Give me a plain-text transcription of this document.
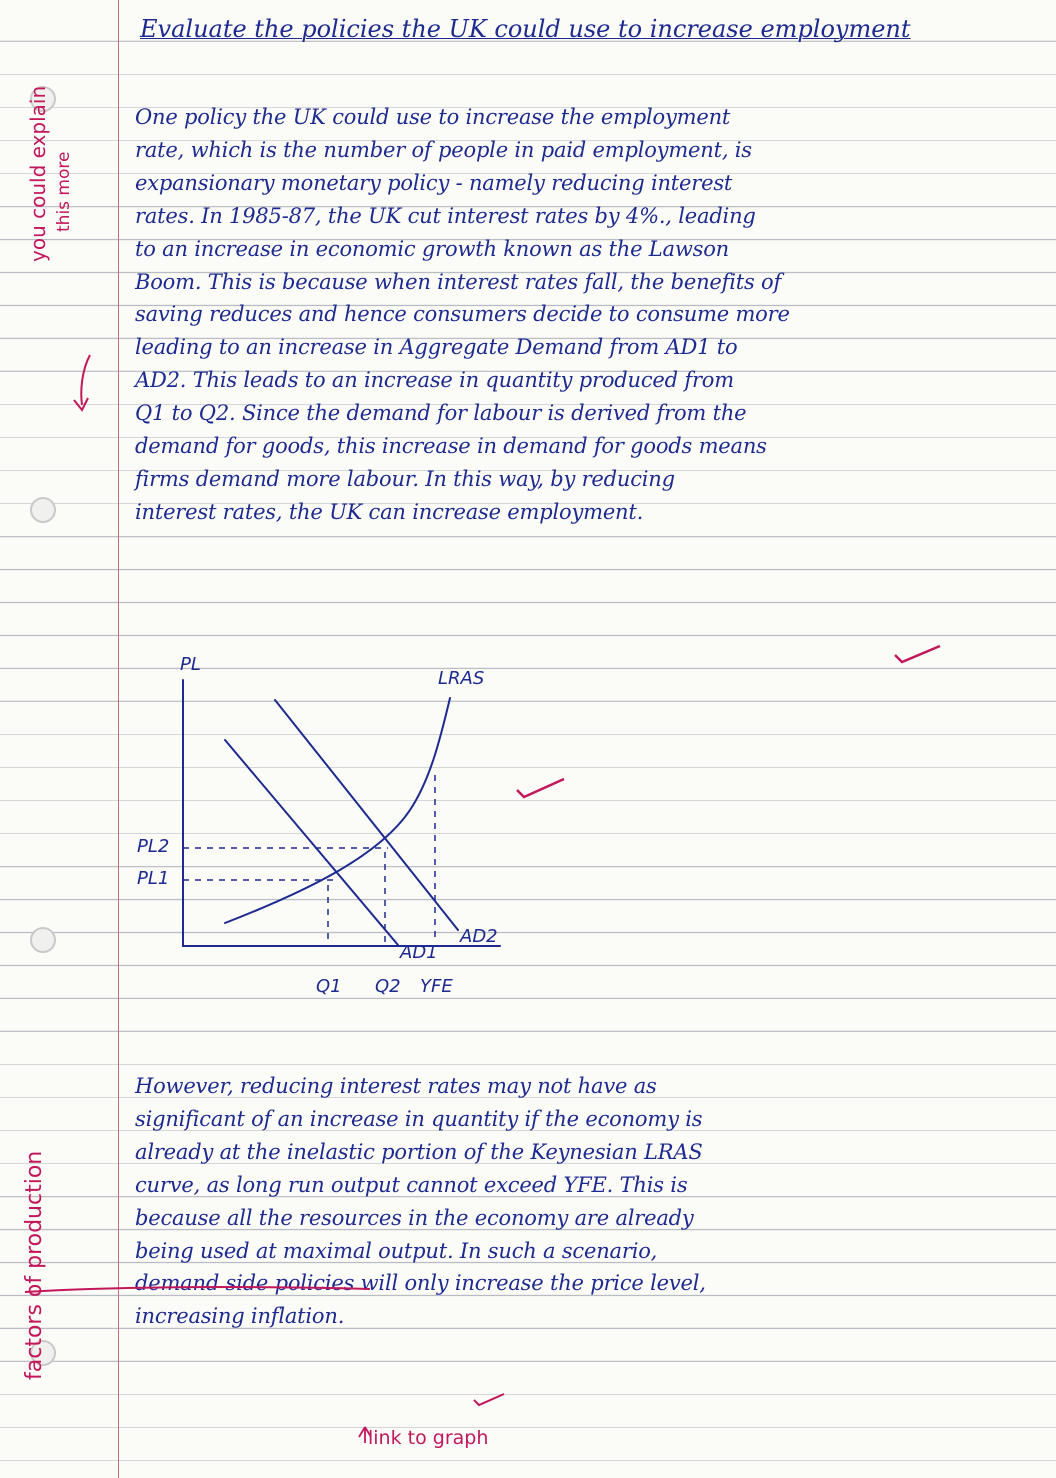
Evaluate the policies the UK could use to increase employment
One policy the UK could use to increase the employment
rate, which is the number of people in paid employment, is
expansionary monetary policy - namely reducing interest
rates. In 1985-87, the UK cut interest rates by 4%., leading
to an increase in economic growth known as the Lawson
Boom. This is because when interest rates fall, the benefits of
saving reduces and hence consumers decide to consume more
leading to an increase in Aggregate Demand from AD1 to
AD2. This leads to an increase in quantity produced from
Q1 to Q2. Since the demand for labour is derived from the
demand for goods, this increase in demand for goods means
firms demand more labour. In this way, by reducing
interest rates, the UK can increase employment.
However, reducing interest rates may not have as
significant of an increase in quantity if the economy is
already at the inelastic portion of the Keynesian LRAS
curve, as long run output cannot exceed YFE. This is
because all the resources in the economy are already
being used at maximal output. In such a scenario,
demand side policies will only increase the price level,
increasing inflation.
you could explain this more
factors of production
link to graph
PL
LRAS
PL2
PL1
AD1
AD2
Q1 Q2 YFE
